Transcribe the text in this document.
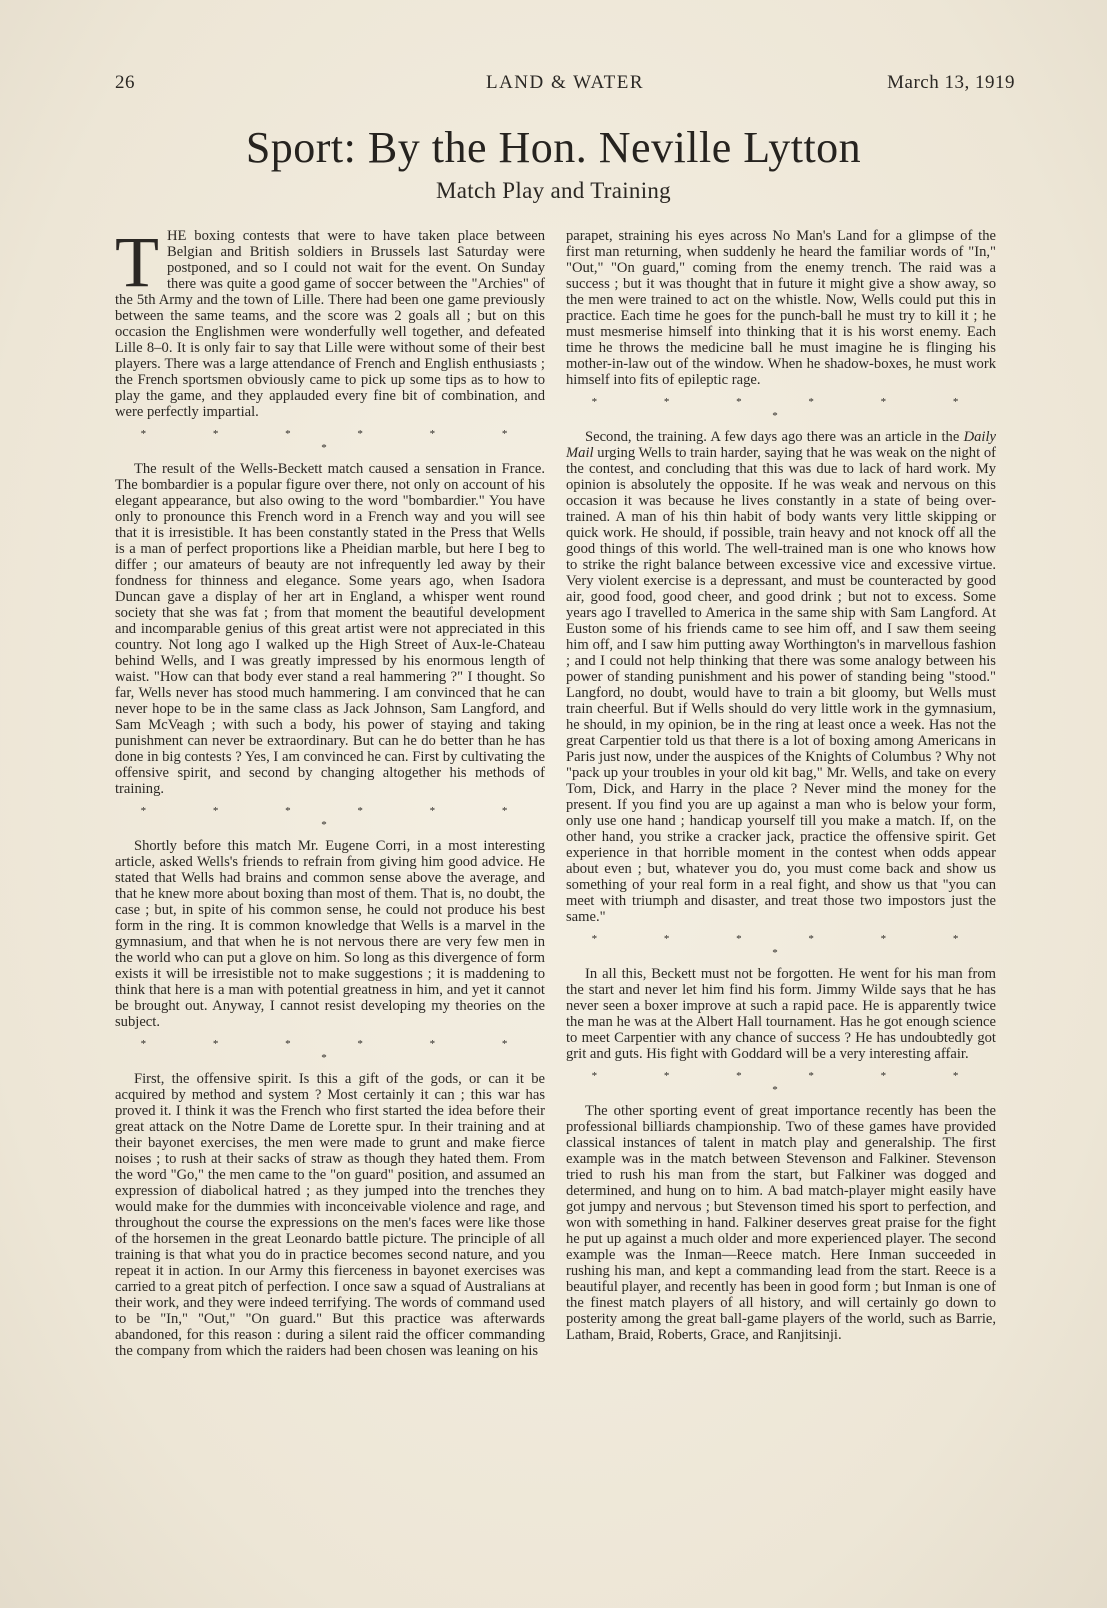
26	LAND & WATER	March 13, 1919
Sport: By the Hon. Neville Lytton
Match Play and Training

THE boxing contests that were to have taken place between Belgian and British soldiers in Brussels last Saturday were postponed, and so I could not wait for the event. On Sunday there was quite a good game of soccer between the "Archies" of the 5th Army and the town of Lille. There had been one game previously between the same teams, and the score was 2 goals all ; but on this occasion the Englishmen were wonderfully well together, and defeated Lille 8–0. It is only fair to say that Lille were without some of their best players. There was a large attendance of French and English enthusiasts ; the French sportsmen obviously came to pick up some tips as to how to play the game, and they applauded every fine bit of combination, and were perfectly impartial.

* * * * * * *

The result of the Wells-Beckett match caused a sensation in France. The bombardier is a popular figure over there, not only on account of his elegant appearance, but also owing to the word "bombardier." You have only to pronounce this French word in a French way and you will see that it is irresistible. It has been constantly stated in the Press that Wells is a man of perfect proportions like a Pheidian marble, but here I beg to differ ; our amateurs of beauty are not infrequently led away by their fondness for thinness and elegance. Some years ago, when Isadora Duncan gave a display of her art in England, a whisper went round society that she was fat ; from that moment the beautiful development and incomparable genius of this great artist were not appreciated in this country. Not long ago I walked up the High Street of Aux-le-Chateau behind Wells, and I was greatly impressed by his enormous length of waist. "How can that body ever stand a real hammering ?" I thought. So far, Wells never has stood much hammering. I am convinced that he can never hope to be in the same class as Jack Johnson, Sam Langford, and Sam McVeagh ; with such a body, his power of staying and taking punishment can never be extraordinary. But can he do better than he has done in big contests ? Yes, I am convinced he can. First by cultivating the offensive spirit, and second by changing altogether his methods of training.

* * * * * * *

Shortly before this match Mr. Eugene Corri, in a most interesting article, asked Wells's friends to refrain from giving him good advice. He stated that Wells had brains and common sense above the average, and that he knew more about boxing than most of them. That is, no doubt, the case ; but, in spite of his common sense, he could not produce his best form in the ring. It is common knowledge that Wells is a marvel in the gymnasium, and that when he is not nervous there are very few men in the world who can put a glove on him. So long as this divergence of form exists it will be irresistible not to make suggestions ; it is maddening to think that here is a man with potential greatness in him, and yet it cannot be brought out. Anyway, I cannot resist developing my theories on the subject.

* * * * * * *

First, the offensive spirit. Is this a gift of the gods, or can it be acquired by method and system ? Most certainly it can ; this war has proved it. I think it was the French who first started the idea before their great attack on the Notre Dame de Lorette spur. In their training and at their bayonet exercises, the men were made to grunt and make fierce noises ; to rush at their sacks of straw as though they hated them. From the word "Go," the men came to the "on guard" position, and assumed an expression of diabolical hatred ; as they jumped into the trenches they would make for the dummies with inconceivable violence and rage, and throughout the course the expressions on the men's faces were like those of the horsemen in the great Leonardo battle picture. The principle of all training is that what you do in practice becomes second nature, and you repeat it in action. In our Army this fierceness in bayonet exercises was carried to a great pitch of perfection. I once saw a squad of Australians at their work, and they were indeed terrifying. The words of command used to be "In," "Out," "On guard." But this practice was afterwards abandoned, for this reason : during a silent raid the officer commanding the company from which the raiders had been chosen was leaning on his

parapet, straining his eyes across No Man's Land for a glimpse of the first man returning, when suddenly he heard the familiar words of "In," "Out," "On guard," coming from the enemy trench. The raid was a success ; but it was thought that in future it might give a show away, so the men were trained to act on the whistle. Now, Wells could put this in practice. Each time he goes for the punch-ball he must try to kill it ; he must mesmerise himself into thinking that it is his worst enemy. Each time he throws the medicine ball he must imagine he is flinging his mother-in-law out of the window. When he shadow-boxes, he must work himself into fits of epileptic rage.

* * * * * * *

Second, the training. A few days ago there was an article in the Daily Mail urging Wells to train harder, saying that he was weak on the night of the contest, and concluding that this was due to lack of hard work. My opinion is absolutely the opposite. If he was weak and nervous on this occasion it was because he lives constantly in a state of being over-trained. A man of his thin habit of body wants very little skipping or quick work. He should, if possible, train heavy and not knock off all the good things of this world. The well-trained man is one who knows how to strike the right balance between excessive vice and excessive virtue. Very violent exercise is a depressant, and must be counteracted by good air, good food, good cheer, and good drink ; but not to excess. Some years ago I travelled to America in the same ship with Sam Langford. At Euston some of his friends came to see him off, and I saw them seeing him off, and I saw him putting away Worthington's in marvellous fashion ; and I could not help thinking that there was some analogy between his power of standing punishment and his power of standing being "stood." Langford, no doubt, would have to train a bit gloomy, but Wells must train cheerful. But if Wells should do very little work in the gymnasium, he should, in my opinion, be in the ring at least once a week. Has not the great Carpentier told us that there is a lot of boxing among Americans in Paris just now, under the auspices of the Knights of Columbus ? Why not "pack up your troubles in your old kit bag," Mr. Wells, and take on every Tom, Dick, and Harry in the place ? Never mind the money for the present. If you find you are up against a man who is below your form, only use one hand ; handicap yourself till you make a match. If, on the other hand, you strike a cracker jack, practice the offensive spirit. Get experience in that horrible moment in the contest when odds appear about even ; but, whatever you do, you must come back and show us something of your real form in a real fight, and show us that "you can meet with triumph and disaster, and treat those two impostors just the same."

* * * * * * *

In all this, Beckett must not be forgotten. He went for his man from the start and never let him find his form. Jimmy Wilde says that he has never seen a boxer improve at such a rapid pace. He is apparently twice the man he was at the Albert Hall tournament. Has he got enough science to meet Carpentier with any chance of success ? He has undoubtedly got grit and guts. His fight with Goddard will be a very interesting affair.

* * * * * * *

The other sporting event of great importance recently has been the professional billiards championship. Two of these games have provided classical instances of talent in match play and generalship. The first example was in the match between Stevenson and Falkiner. Stevenson tried to rush his man from the start, but Falkiner was dogged and determined, and hung on to him. A bad match-player might easily have got jumpy and nervous ; but Stevenson timed his sport to perfection, and won with something in hand. Falkiner deserves great praise for the fight he put up against a much older and more experienced player. The second example was the Inman—Reece match. Here Inman succeeded in rushing his man, and kept a commanding lead from the start. Reece is a beautiful player, and recently has been in good form ; but Inman is one of the finest match players of all history, and will certainly go down to posterity among the great ball-game players of the world, such as Barrie, Latham, Braid, Roberts, Grace, and Ranjitsinji.
